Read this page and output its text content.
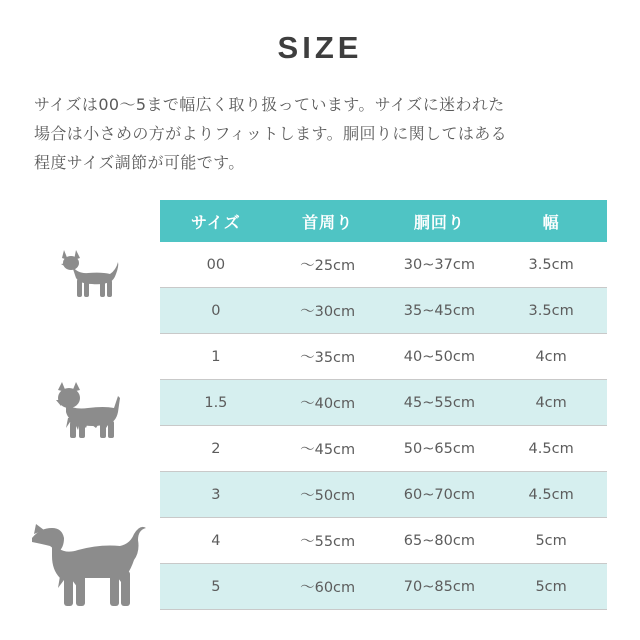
SIZE
サイズは00〜5まで幅広く取り扱っています。サイズに迷われた
場合は小さめの方がよりフィットします。胴回りに関してはある
程度サイズ調節が可能です。
サイズ	首周り	胴回り	幅
00	〜25cm	30~37cm	3.5cm
0	〜30cm	35~45cm	3.5cm
1	〜35cm	40~50cm	4cm
1.5	〜40cm	45~55cm	4cm
2	〜45cm	50~65cm	4.5cm
3	〜50cm	60~70cm	4.5cm
4	〜55cm	65~80cm	5cm
5	〜60cm	70~85cm	5cm
